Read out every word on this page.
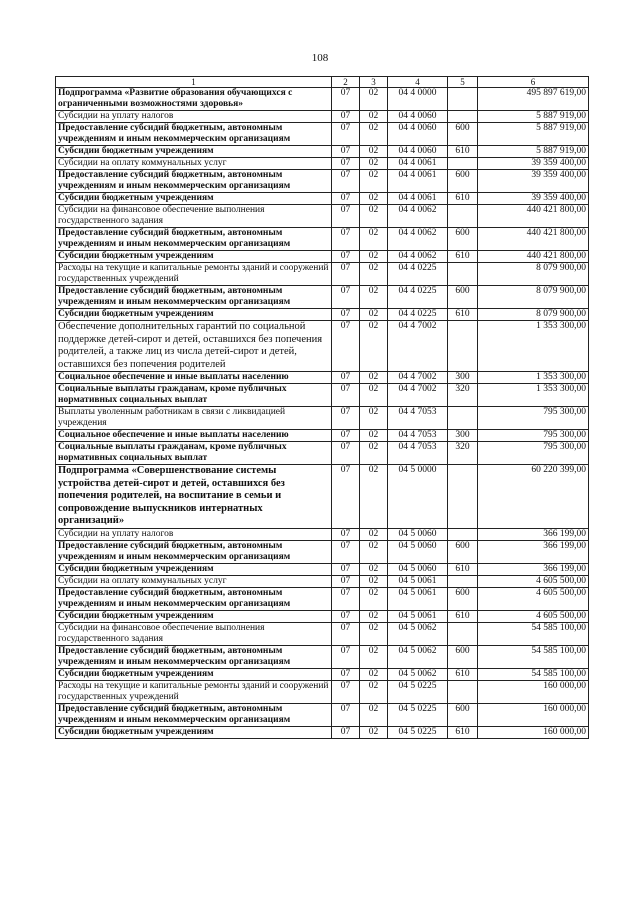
108
1	2	3	4	5	6
Подпрограмма «Развитие образования обучающихся с ограниченными возможностями здоровья»	07	02	04 4 0000		495 897 619,00
Субсидии на уплату налогов	07	02	04 4 0060		5 887 919,00
Предоставление субсидий бюджетным, автономным учреждениям и иным некоммерческим организациям	07	02	04 4 0060	600	5 887 919,00
Субсидии бюджетным учреждениям	07	02	04 4 0060	610	5 887 919,00
Субсидии на оплату коммунальных услуг	07	02	04 4 0061		39 359 400,00
Предоставление субсидий бюджетным, автономным учреждениям и иным некоммерческим организациям	07	02	04 4 0061	600	39 359 400,00
Субсидии бюджетным учреждениям	07	02	04 4 0061	610	39 359 400,00
Субсидии на финансовое обеспечение выполнения государственного задания	07	02	04 4 0062		440 421 800,00
Предоставление субсидий бюджетным, автономным учреждениям и иным некоммерческим организациям	07	02	04 4 0062	600	440 421 800,00
Субсидии бюджетным учреждениям	07	02	04 4 0062	610	440 421 800,00
Расходы на текущие и капитальные ремонты зданий и сооружений государственных учреждений	07	02	04 4 0225		8 079 900,00
Предоставление субсидий бюджетным, автономным учреждениям и иным некоммерческим организациям	07	02	04 4 0225	600	8 079 900,00
Субсидии бюджетным учреждениям	07	02	04 4 0225	610	8 079 900,00
Обеспечение дополнительных гарантий по социальной поддержке детей-сирот и детей, оставшихся без попечения родителей, а также лиц из числа детей-сирот и детей, оставшихся без попечения родителей	07	02	04 4 7002		1 353 300,00
Социальное обеспечение и иные выплаты населению	07	02	04 4 7002	300	1 353 300,00
Социальные выплаты гражданам, кроме публичных нормативных социальных выплат	07	02	04 4 7002	320	1 353 300,00
Выплаты уволенным работникам в связи с ликвидацией учреждения	07	02	04 4 7053		795 300,00
Социальное обеспечение и иные выплаты населению	07	02	04 4 7053	300	795 300,00
Социальные выплаты гражданам, кроме публичных нормативных социальных выплат	07	02	04 4 7053	320	795 300,00
Подпрограмма «Совершенствование системы устройства детей-сирот и детей, оставшихся без попечения родителей, на воспитание в семьи и сопровождение выпускников интернатных организаций»	07	02	04 5 0000		60 220 399,00
Субсидии на уплату налогов	07	02	04 5 0060		366 199,00
Предоставление субсидий бюджетным, автономным учреждениям и иным некоммерческим организациям	07	02	04 5 0060	600	366 199,00
Субсидии бюджетным учреждениям	07	02	04 5 0060	610	366 199,00
Субсидии на оплату коммунальных услуг	07	02	04 5 0061		4 605 500,00
Предоставление субсидий бюджетным, автономным учреждениям и иным некоммерческим организациям	07	02	04 5 0061	600	4 605 500,00
Субсидии бюджетным учреждениям	07	02	04 5 0061	610	4 605 500,00
Субсидии на финансовое обеспечение выполнения государственного задания	07	02	04 5 0062		54 585 100,00
Предоставление субсидий бюджетным, автономным учреждениям и иным некоммерческим организациям	07	02	04 5 0062	600	54 585 100,00
Субсидии бюджетным учреждениям	07	02	04 5 0062	610	54 585 100,00
Расходы на текущие и капитальные ремонты зданий и сооружений государственных учреждений	07	02	04 5 0225		160 000,00
Предоставление субсидий бюджетным, автономным учреждениям и иным некоммерческим организациям	07	02	04 5 0225	600	160 000,00
Субсидии бюджетным учреждениям	07	02	04 5 0225	610	160 000,00
